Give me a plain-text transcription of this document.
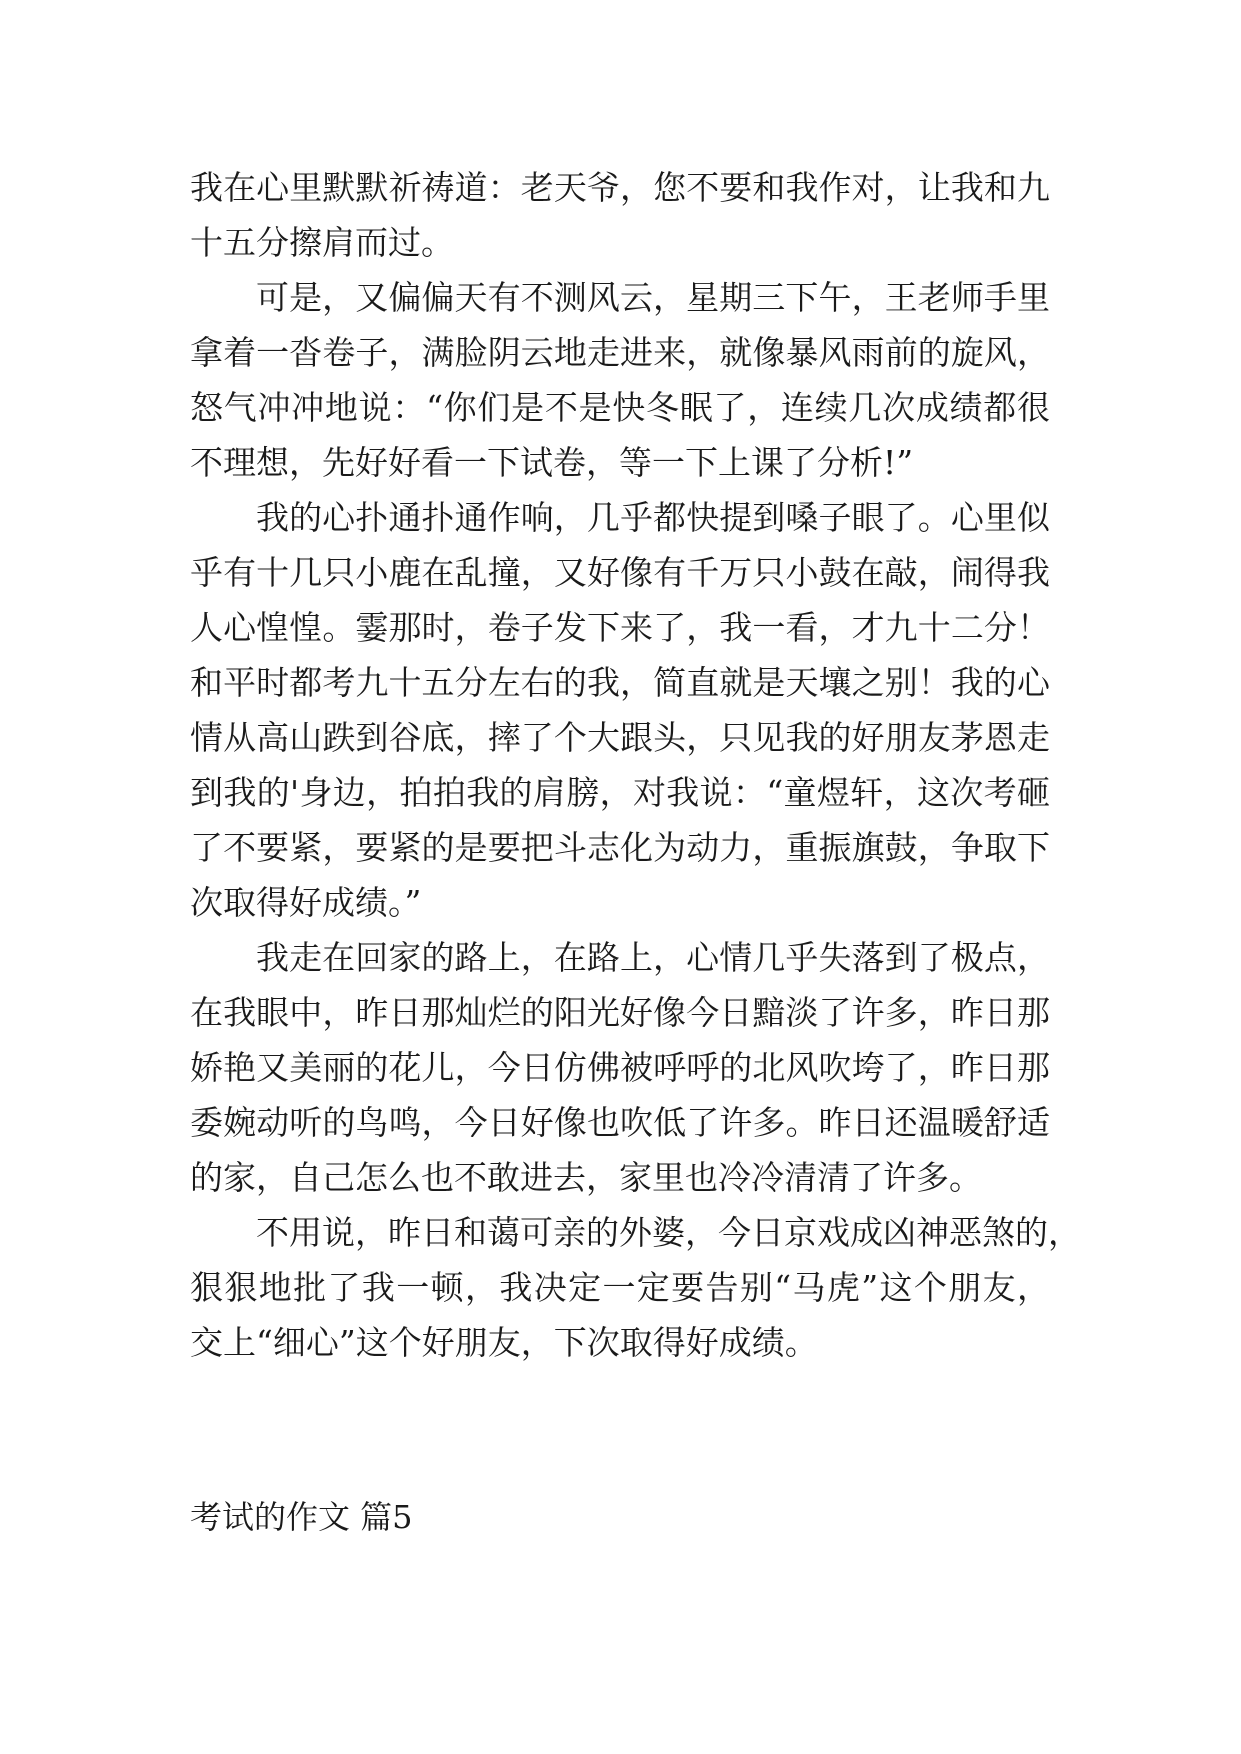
我在心里默默祈祷道：老天爷，您不要和我作对，让我和九
十五分擦肩而过。
可是，又偏偏天有不测风云，星期三下午，王老师手里
拿着一沓卷子，满脸阴云地走进来，就像暴风雨前的旋风，
怒气冲冲地说：“你们是不是快冬眠了，连续几次成绩都很
不理想，先好好看一下试卷，等一下上课了分析!”
我的心扑通扑通作响，几乎都快提到嗓子眼了。心里似
乎有十几只小鹿在乱撞，又好像有千万只小鼓在敲，闹得我
人心惶惶。霎那时，卷子发下来了，我一看，才九十二分！
和平时都考九十五分左右的我，简直就是天壤之别！我的心
情从高山跌到谷底，摔了个大跟头，只见我的好朋友茅恩走
到我的'身边，拍拍我的肩膀，对我说：“童煜轩，这次考砸
了不要紧，要紧的是要把斗志化为动力，重振旗鼓，争取下
次取得好成绩。”
我走在回家的路上，在路上，心情几乎失落到了极点，
在我眼中，昨日那灿烂的阳光好像今日黯淡了许多，昨日那
娇艳又美丽的花儿，今日仿佛被呼呼的北风吹垮了，昨日那
委婉动听的鸟鸣，今日好像也吹低了许多。昨日还温暖舒适
的家，自己怎么也不敢进去，家里也冷冷清清了许多。
不用说，昨日和蔼可亲的外婆，今日京戏成凶神恶煞的，
狠狠地批了我一顿，我决定一定要告别“马虎”这个朋友，
交上“细心”这个好朋友，下次取得好成绩。
考试的作文 篇5
